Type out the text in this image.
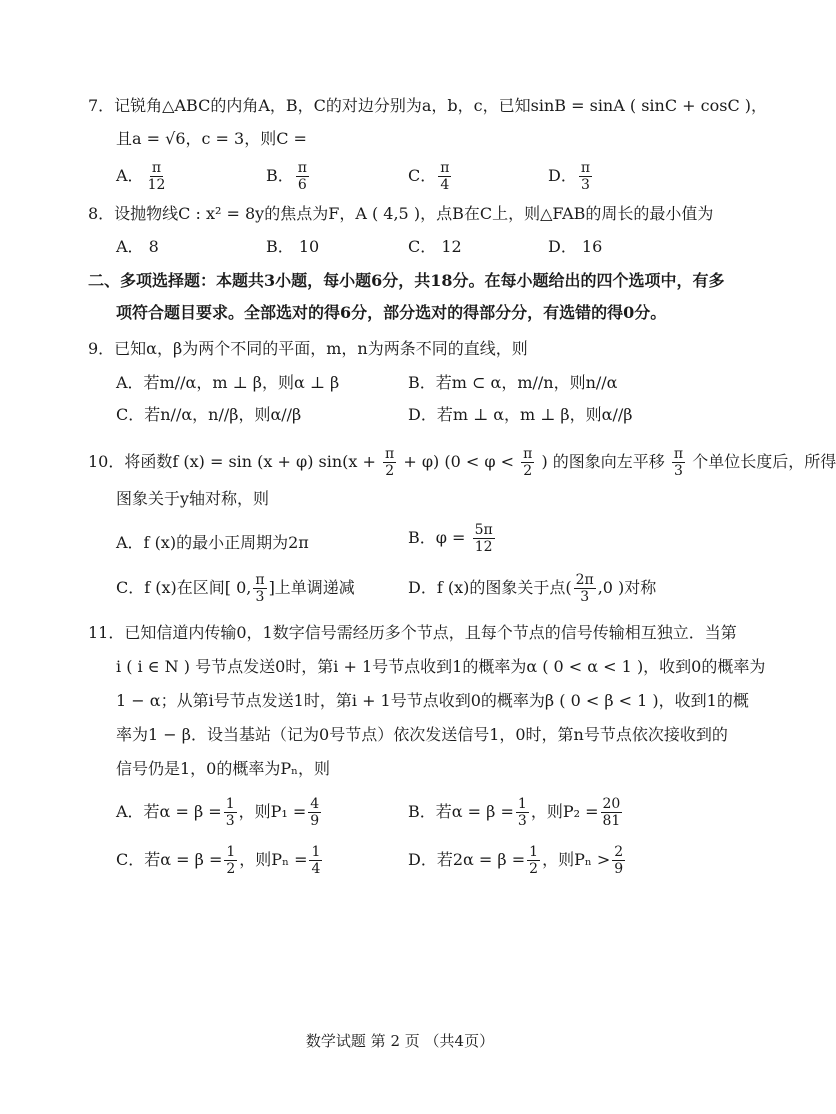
7．记锐角△ABC的内角A，B，C的对边分别为a，b，c，已知sinB = sinA ( sinC + cosC )，
且a = √6，c = 3，则C =
A． $\frac{\pi}{12}$	B． $\frac{\pi}{6}$	C． $\frac{\pi}{4}$	D． $\frac{\pi}{3}$
8．设抛物线C : x² = 8y的焦点为F，A ( 4,5 )，点B在C上，则△FAB的周长的最小值为
A． 8	B． 10	C． 12	D． 16
二、多项选择题：本题共3小题，每小题6分，共18分。在每小题给出的四个选项中，有多
项符合题目要求。全部选对的得6分，部分选对的得部分分，有选错的得0分。
9．已知α，β为两个不同的平面，m，n为两条不同的直线，则
A．若m//α，m ⊥ β，则α ⊥ β	B．若m ⊂ α，m//n，则n//α
C．若n//α，n//β，则α//β	D．若m ⊥ α，m ⊥ β，则α//β
10．将函数f (x) = sin (x + φ) $\sin(x + \frac{\pi}{2} + \varphi)$ ($0 < \varphi < \frac{\pi}{2}$ ) 的图象向左平移 $\frac{\pi}{3}$ 个单位长度后，所得
图象关于y轴对称，则
A．f (x)的最小正周期为2π	B．$\varphi = \frac{5\pi}{12}$
C．f (x)在区间[ 0, $\frac{\pi}{3}$ ]上单调递减	D．f (x)的图象关于点( $\frac{2\pi}{3} ,0$ )对称
11．已知信道内传输0，1数字信号需经历多个节点，且每个节点的信号传输相互独立．当第
i ( i ∈ N ) 号节点发送0时，第i + 1号节点收到1的概率为α ( 0 < α < 1 )，收到0的概率为
1 − α；从第i号节点发送1时，第i + 1号节点收到0的概率为β ( 0 < β < 1 )，收到1的概
率为1 − β．设当基站（记为0号节点）依次发送信号1，0时，第n号节点依次接收到的
信号仍是1，0的概率为Pₙ，则
A．若$\alpha = \beta = \frac{1}{3}$ ，则$P_1 = \frac{4}{9}$	B．若$\alpha = \beta = \frac{1}{3}$ ，则$P_2 = \frac{20}{81}$
C．若$\alpha = \beta = \frac{1}{2}$ ，则$P_n = \frac{1}{4}$	D．若$2\alpha = \beta = \frac{1}{2}$ ，则$P_n > \frac{2}{9}$
数学试题 第 2 页 （共4页）
